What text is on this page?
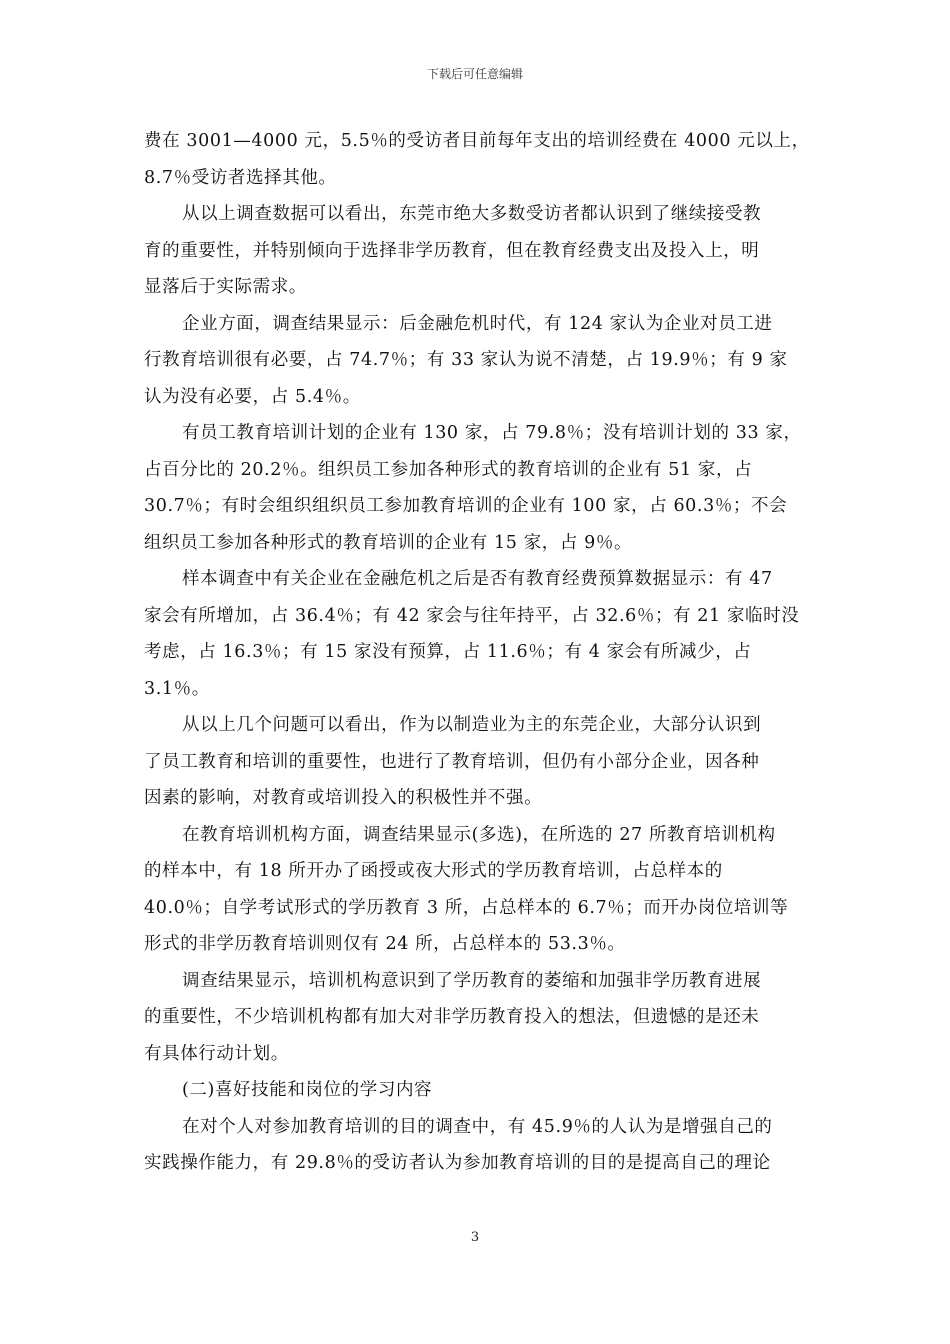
下载后可任意编辑
费在 3001—4000 元，5.5％的受访者目前每年支出的培训经费在 4000 元以上，
8.7％受访者选择其他。
从以上调查数据可以看出，东莞市绝大多数受访者都认识到了继续接受教
育的重要性，并特别倾向于选择非学历教育，但在教育经费支出及投入上，明
显落后于实际需求。
企业方面，调查结果显示：后金融危机时代，有 124 家认为企业对员工进
行教育培训很有必要，占 74.7％；有 33 家认为说不清楚，占 19.9％；有 9 家
认为没有必要，占 5.4％。
有员工教育培训计划的企业有 130 家，占 79.8％；没有培训计划的 33 家，
占百分比的 20.2％。组织员工参加各种形式的教育培训的企业有 51 家，占
30.7％；有时会组织组织员工参加教育培训的企业有 100 家，占 60.3％；不会
组织员工参加各种形式的教育培训的企业有 15 家，占 9％。
样本调查中有关企业在金融危机之后是否有教育经费预算数据显示：有 47
家会有所增加，占 36.4％；有 42 家会与往年持平，占 32.6％；有 21 家临时没
考虑，占 16.3％；有 15 家没有预算，占 11.6％；有 4 家会有所减少，占
3.1％。
从以上几个问题可以看出，作为以制造业为主的东莞企业，大部分认识到
了员工教育和培训的重要性，也进行了教育培训，但仍有小部分企业，因各种
因素的影响，对教育或培训投入的积极性并不强。
在教育培训机构方面，调查结果显示(多选)，在所选的 27 所教育培训机构
的样本中，有 18 所开办了函授或夜大形式的学历教育培训，占总样本的
40.0％；自学考试形式的学历教育 3 所，占总样本的 6.7％；而开办岗位培训等
形式的非学历教育培训则仅有 24 所，占总样本的 53.3％。
调查结果显示，培训机构意识到了学历教育的萎缩和加强非学历教育进展
的重要性，不少培训机构都有加大对非学历教育投入的想法，但遗憾的是还未
有具体行动计划。
(二)喜好技能和岗位的学习内容
在对个人对参加教育培训的目的调查中，有 45.9％的人认为是增强自己的
实践操作能力，有 29.8％的受访者认为参加教育培训的目的是提高自己的理论
3
